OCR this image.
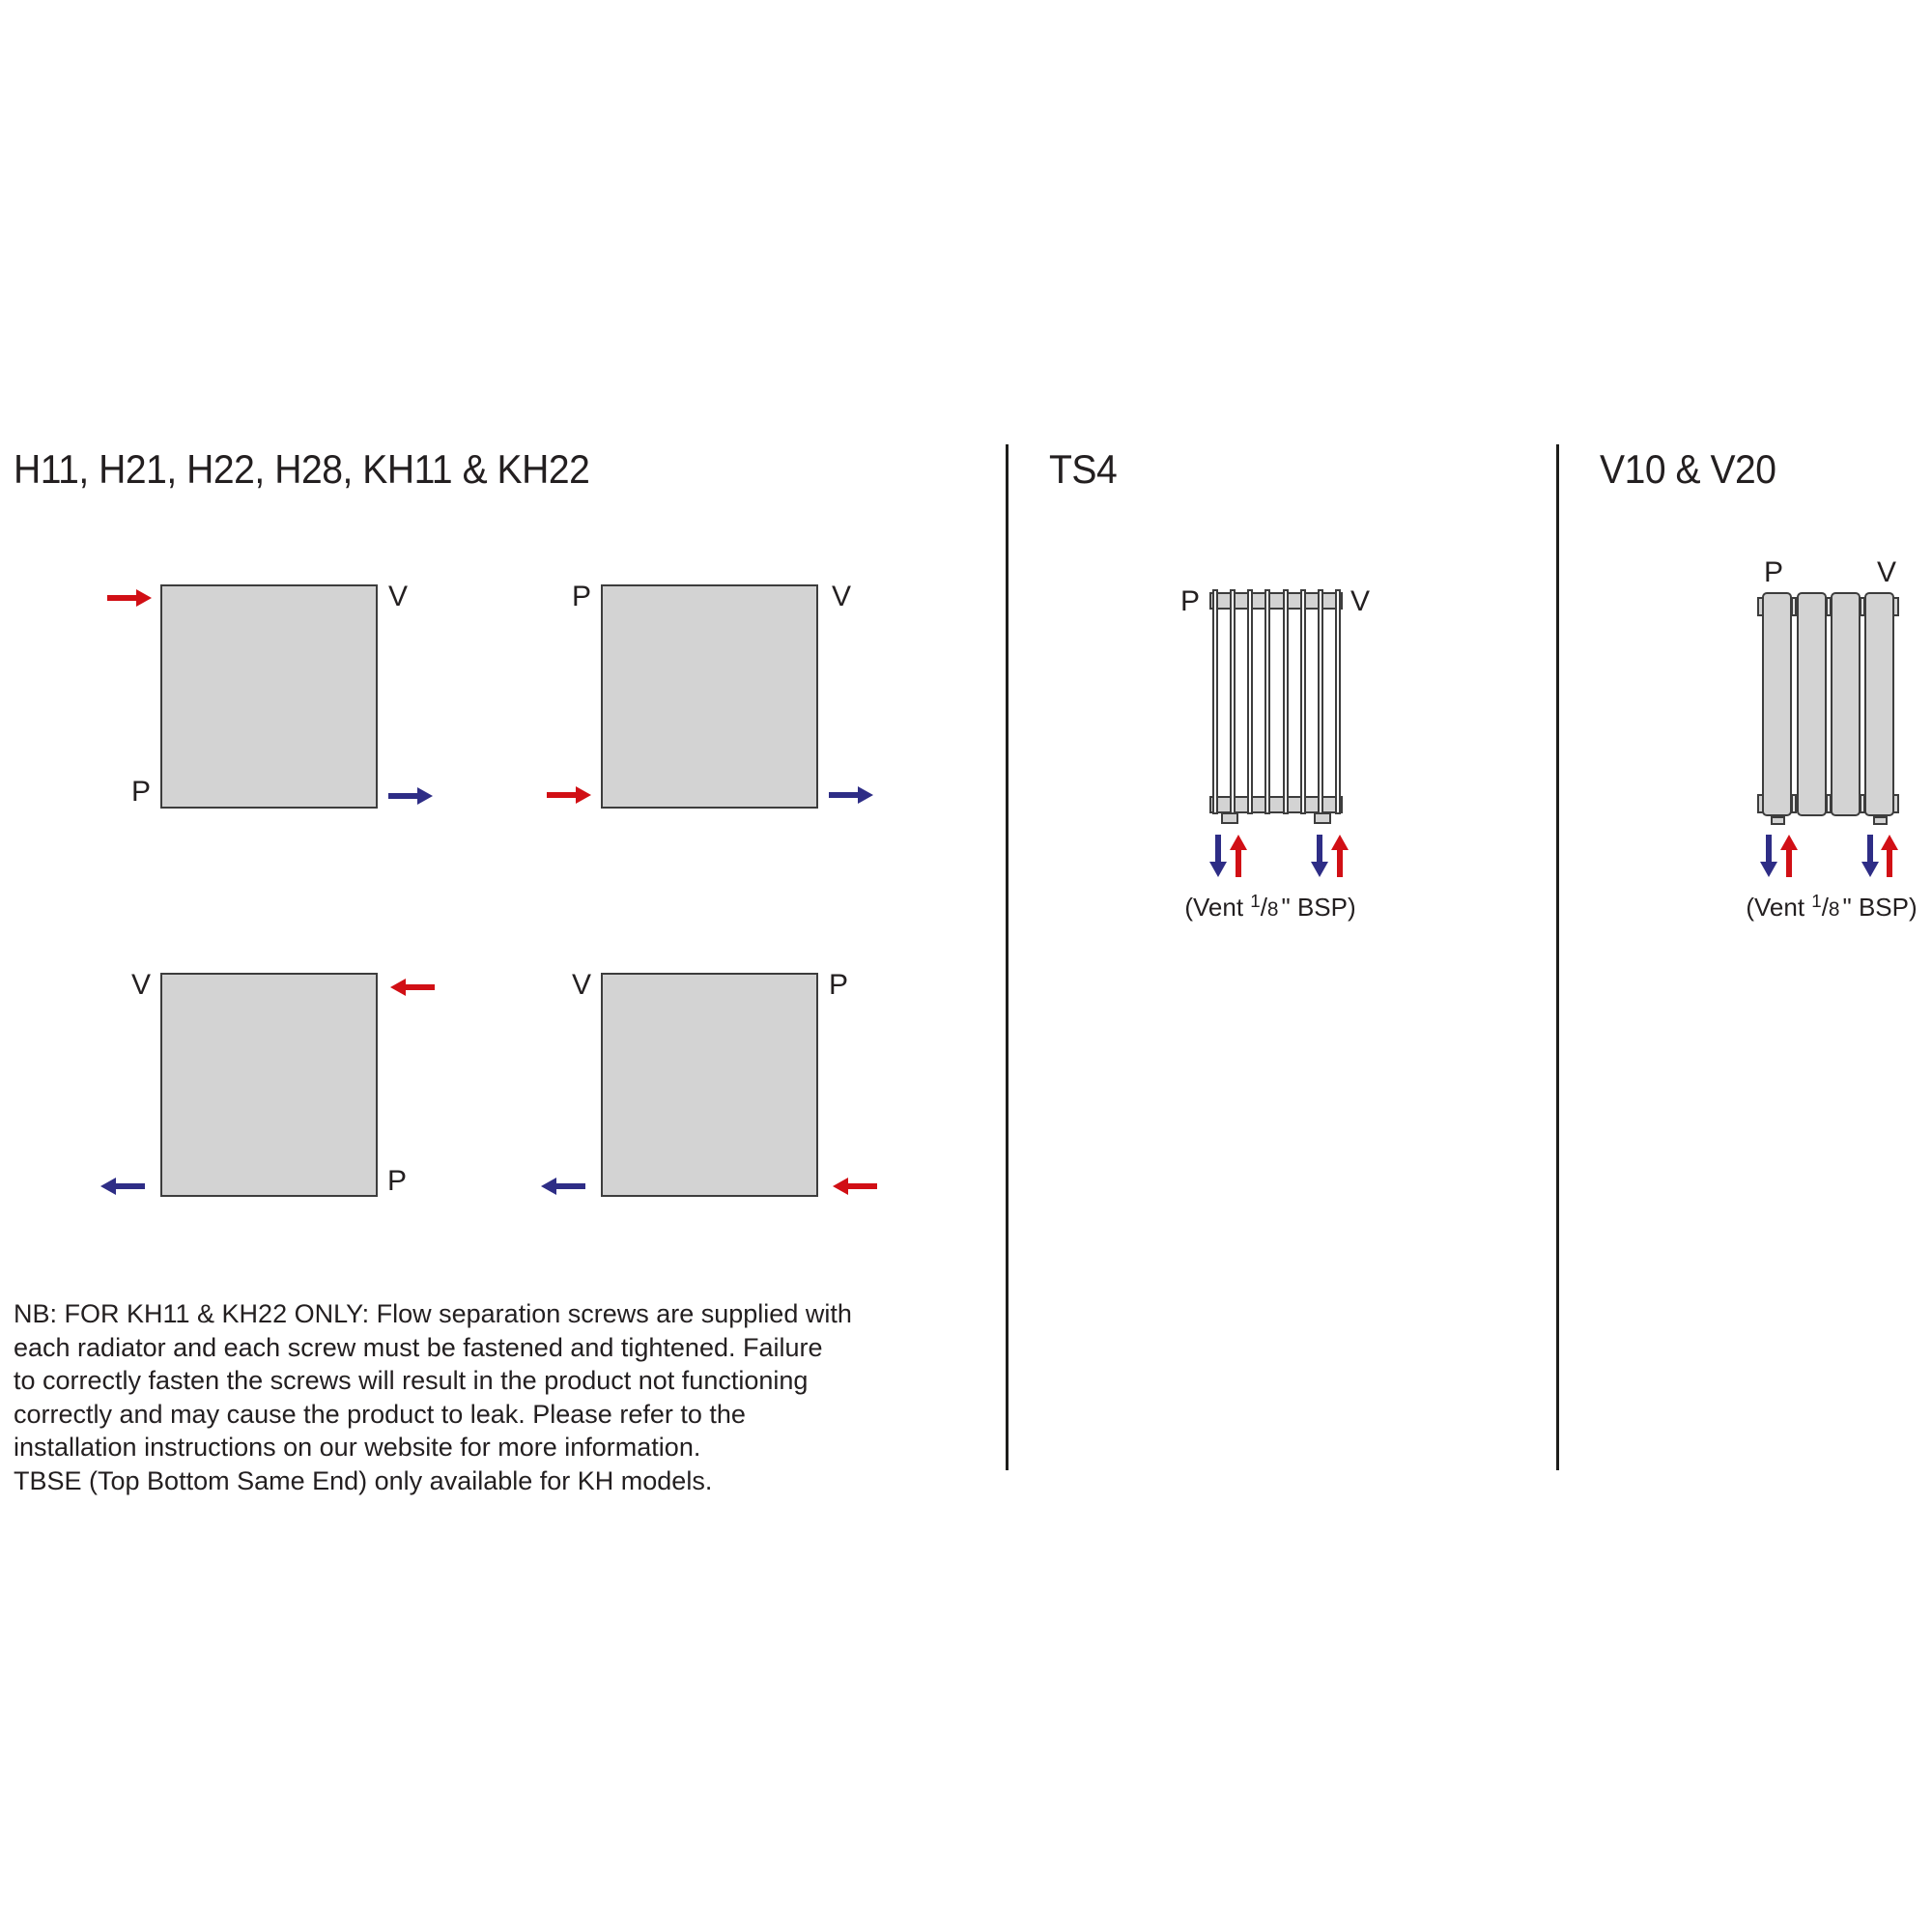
H11, H21, H22, H28, KH11 & KH22
V
P
P	V
V
P
V	P
NB: FOR KH11 & KH22 ONLY: Flow separation screws are supplied with
each radiator and each screw must be fastened and tightened. Failure
to correctly fasten the screws will result in the product not functioning
correctly and may cause the product to leak. Please refer to the
installation instructions on our website for more information.
TBSE (Top Bottom Same End) only available for KH models.
TS4
P	V
(Vent $^1$/8 " BSP)
V10 & V20
P	V
(Vent $^1$/8 " BSP)
